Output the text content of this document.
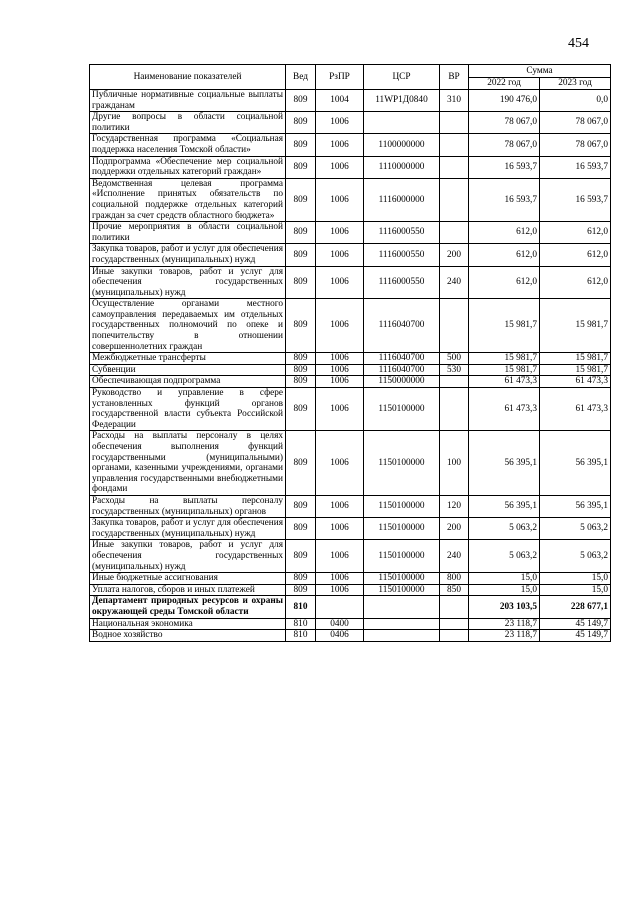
454
Наименование показателей	Вед	РзПР	ЦСР	ВР	Сумма	
					2022 год	2023 год
Публичные нормативные социальные выплаты гражданам	809	1004	11WP1Д0840	310	190 476,0	0,0
Другие вопросы в области социальной политики	809	1006			78 067,0	78 067,0
Государственная программа «Социальная поддержка населения Томской области»	809	1006	1100000000		78 067,0	78 067,0
Подпрограмма «Обеспечение мер социальной поддержки отдельных категорий граждан»	809	1006	1110000000		16 593,7	16 593,7
Ведомственная целевая программа «Исполнение принятых обязательств по социальной поддержке отдельных категорий граждан за счет средств областного бюджета»	809	1006	1116000000		16 593,7	16 593,7
Прочие мероприятия в области социальной политики	809	1006	1116000550		612,0	612,0
Закупка товаров, работ и услуг для обеспечения государственных (муниципальных) нужд	809	1006	1116000550	200	612,0	612,0
Иные закупки товаров, работ и услуг для обеспечения государственных (муниципальных) нужд	809	1006	1116000550	240	612,0	612,0
Осуществление органами местного самоуправления передаваемых им отдельных государственных полномочий по опеке и попечительству в отношении совершеннолетних граждан	809	1006	1116040700		15 981,7	15 981,7
Межбюджетные трансферты	809	1006	1116040700	500	15 981,7	15 981,7
Субвенции	809	1006	1116040700	530	15 981,7	15 981,7
Обеспечивающая подпрограмма	809	1006	1150000000		61 473,3	61 473,3
Руководство и управление в сфере установленных функций органов государственной власти субъекта Российской Федерации	809	1006	1150100000		61 473,3	61 473,3
Расходы на выплаты персоналу в целях обеспечения выполнения функций государственными (муниципальными) органами, казенными учреждениями, органами управления государственными внебюджетными фондами	809	1006	1150100000	100	56 395,1	56 395,1
Расходы на выплаты персоналу государственных (муниципальных) органов	809	1006	1150100000	120	56 395,1	56 395,1
Закупка товаров, работ и услуг для обеспечения государственных (муниципальных) нужд	809	1006	1150100000	200	5 063,2	5 063,2
Иные закупки товаров, работ и услуг для обеспечения государственных (муниципальных) нужд	809	1006	1150100000	240	5 063,2	5 063,2
Иные бюджетные ассигнования	809	1006	1150100000	800	15,0	15,0
Уплата налогов, сборов и иных платежей	809	1006	1150100000	850	15,0	15,0
Департамент природных ресурсов и охраны окружающей среды Томской области	810				203 103,5	228 677,1
Национальная экономика	810	0400			23 118,7	45 149,7
Водное хозяйство	810	0406			23 118,7	45 149,7
